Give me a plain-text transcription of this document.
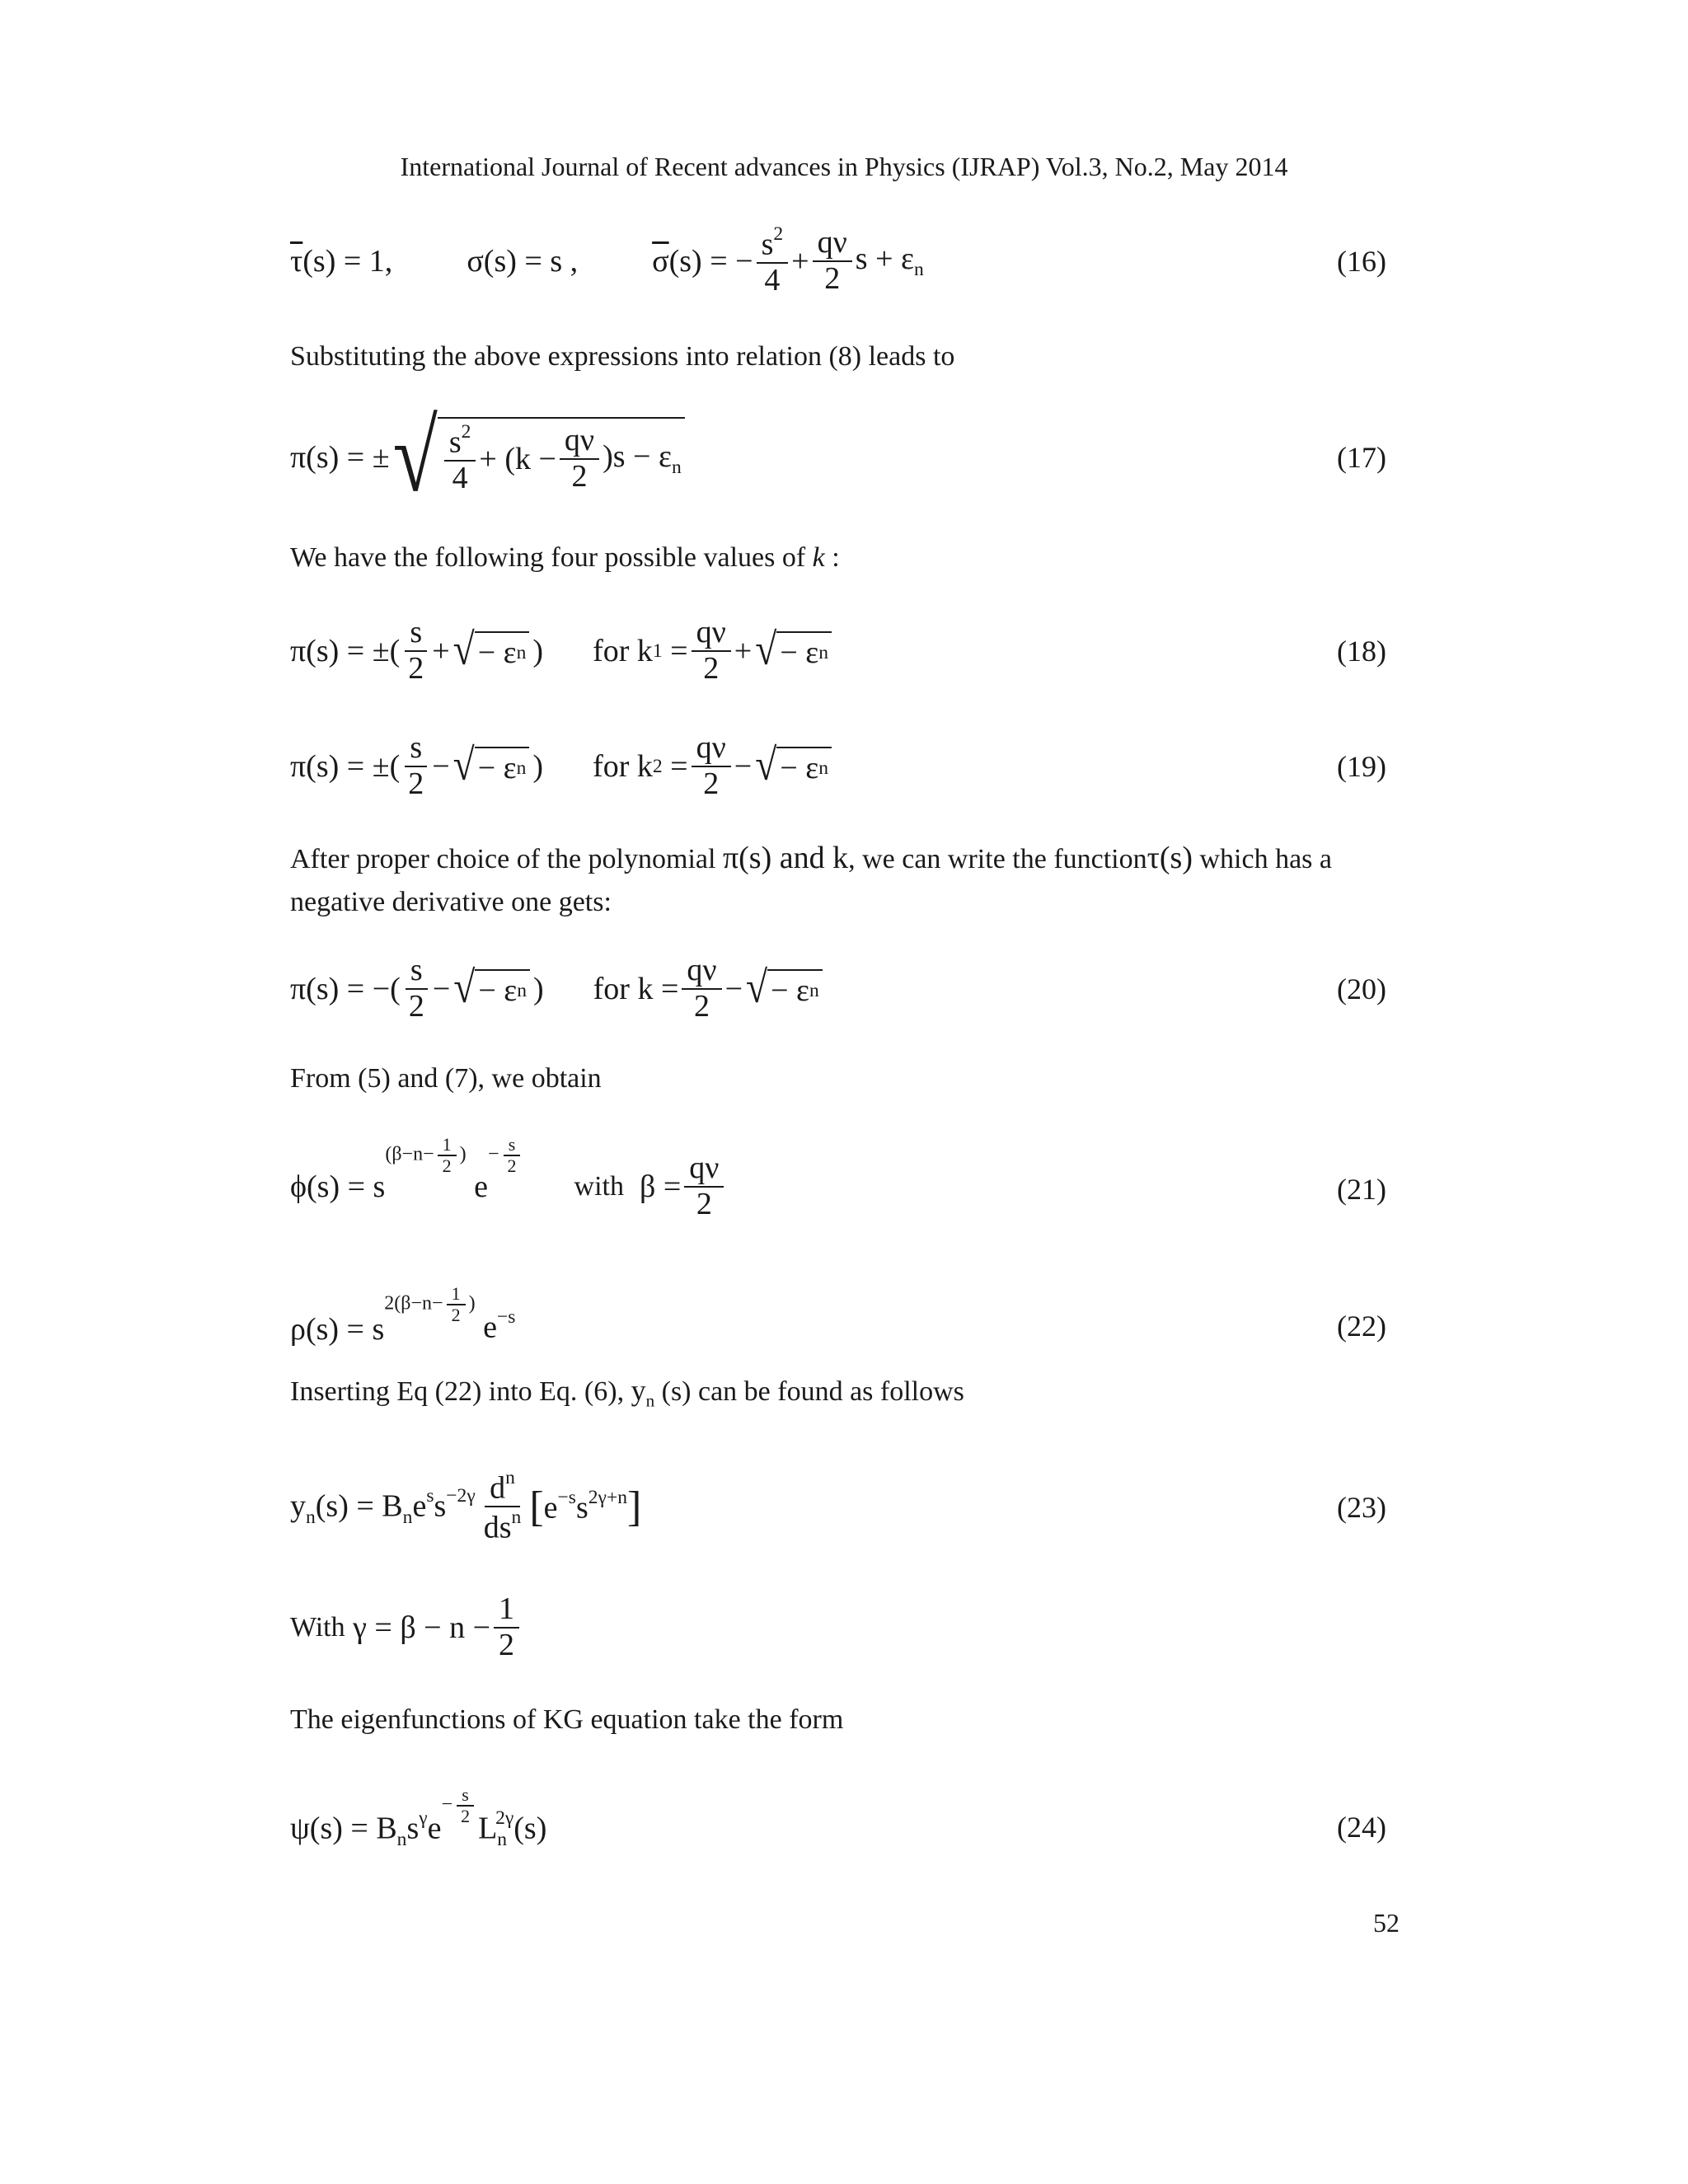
International Journal of Recent advances in Physics (IJRAP) Vol.3, No.2, May 2014
$\overline{\tau}(s) = 1$, σ(s) = s , $\overline{\sigma}(s)$ = − $\frac{s^2}{4} + \frac{q\nu}{2}$ $s + \varepsilon_n$	(16)
Substituting the above expressions into relation (8) leads to
π(s) = ± √ $\frac{s^2}{4} + (k - \frac{q\nu}{2} )s - \varepsilon_n$	(17)
We have the following four possible values of k :
π(s) = ±( $\frac{s}{2}$ + √ − ε n ) for k $1 = \frac{q\nu}{2}$ + √ − ε n	(18)
π(s) = ±( $\frac{s}{2}$ − √ − ε n ) for k $2 = \frac{q\nu}{2}$ − √ − ε n	(19)
After proper choice of the polynomial π(s) and k, we can write the functionτ(s) which has a
negative derivative one gets:
π(s) = −( $\frac{s}{2}$ − √ − ε n ) for $k = \frac{q\nu}{2}$ − √ − ε n	(20)
From (5) and (7), we obtain
ϕ(s) = s
($\beta-n- \frac{1}{2}$ )
e
− $\frac{s}{2}$
with $\beta = \frac{q\nu}{2}$	(21)
ρ(s) = s
$2(\beta-n- \frac{1}{2}$ )
$e^{-s}$	(22)
Inserting Eq (22) into Eq. (6), $y_n$ (s) can be found as follows
$y_n(s) = B_ne^ss^{-2\gamma} \frac{d^n}{ds^n}$ [ $e^{-s}s^{2\gamma+n}$ ]	(23)
With $\gamma = \beta - n - \frac{1}{2}$
The eigenfunctions of KG equation take the form
$\psi(s) = B_ns^\gamma e$
− $\frac{s}{2}$
$L_n^{2\gamma}(s)$	(24)
52
